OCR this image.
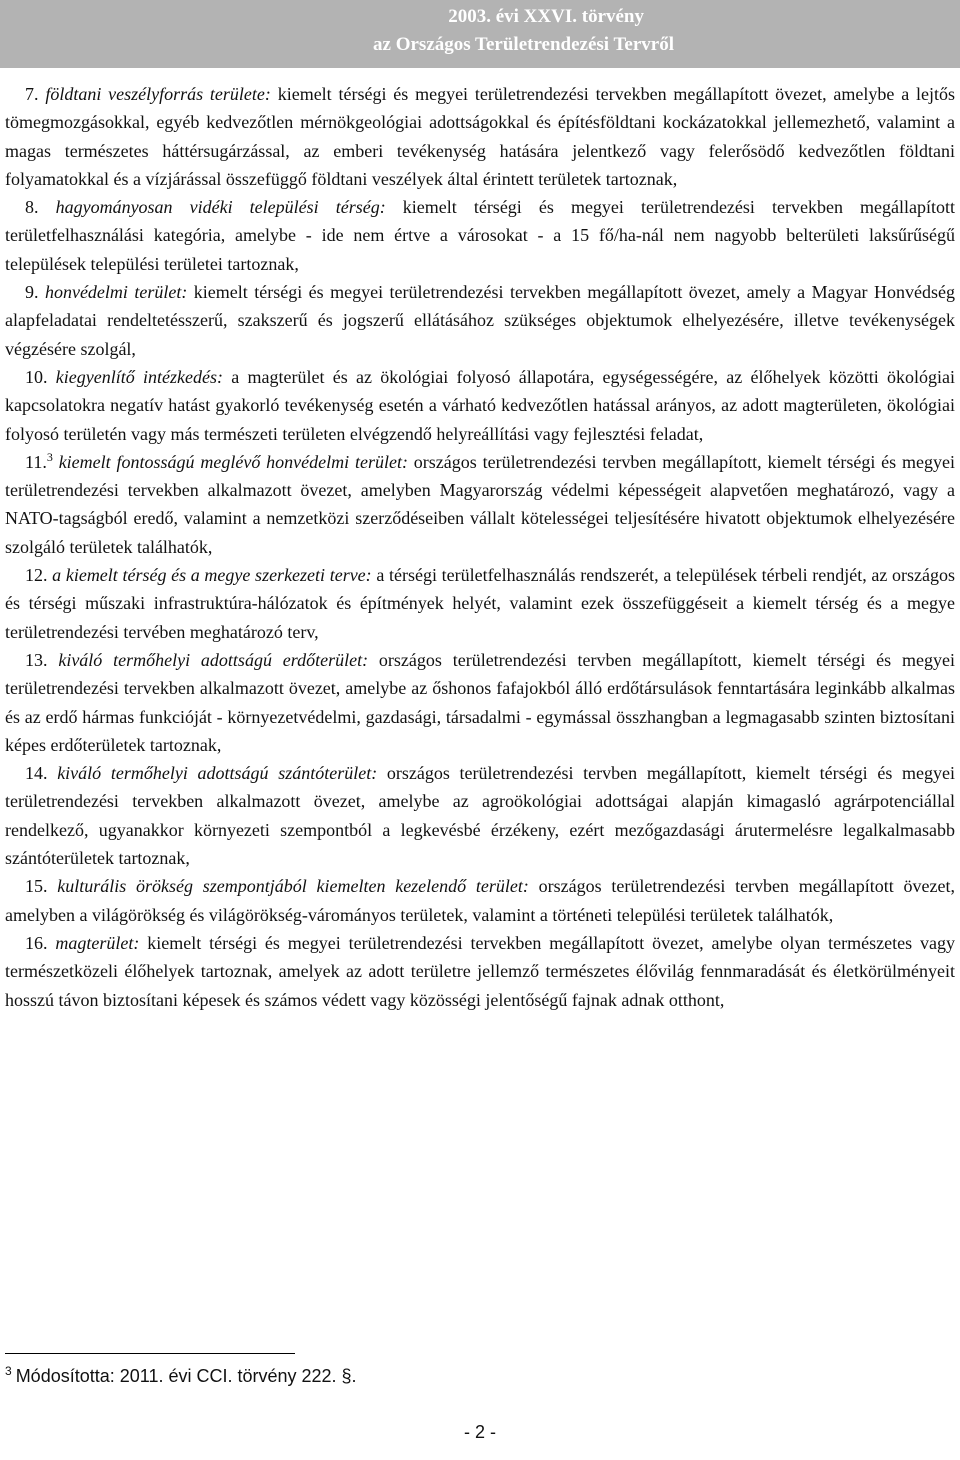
2003. évi XXVI. törvény
az Országos Területrendezési Tervről

7. földtani veszélyforrás területe: kiemelt térségi és megyei területrendezési tervekben megállapított övezet, amelybe a lejtős tömegmozgásokkal, egyéb kedvezőtlen mérnökgeológiai adottságokkal és építésföldtani kockázatokkal jellemezhető, valamint a magas természetes háttérsugárzással, az emberi tevékenység hatására jelentkező vagy felerősödő kedvezőtlen földtani folyamatokkal és a vízjárással összefüggő földtani veszélyek által érintett területek tartoznak,

8. hagyományosan vidéki települési térség: kiemelt térségi és megyei területrendezési tervekben megállapított területfelhasználási kategória, amelybe - ide nem értve a városokat - a 15 fő/ha-nál nem nagyobb belterületi laksűrűségű települések települési területei tartoznak,

9. honvédelmi terület: kiemelt térségi és megyei területrendezési tervekben megállapított övezet, amely a Magyar Honvédség alapfeladatai rendeltetésszerű, szakszerű és jogszerű ellátásához szükséges objektumok elhelyezésére, illetve tevékenységek végzésére szolgál,

10. kiegyenlítő intézkedés: a magterület és az ökológiai folyosó állapotára, egységességére, az élőhelyek közötti ökológiai kapcsolatokra negatív hatást gyakorló tevékenység esetén a várható kedvezőtlen hatással arányos, az adott magterületen, ökológiai folyosó területén vagy más természeti területen elvégzendő helyreállítási vagy fejlesztési feladat,

11.$^3$ kiemelt fontosságú meglévő honvédelmi terület: országos területrendezési tervben megállapított, kiemelt térségi és megyei területrendezési tervekben alkalmazott övezet, amelyben Magyarország védelmi képességeit alapvetően meghatározó, vagy a NATO-tagságból eredő, valamint a nemzetközi szerződéseiben vállalt kötelességei teljesítésére hivatott objektumok elhelyezésére szolgáló területek találhatók,

12. a kiemelt térség és a megye szerkezeti terve: a térségi területfelhasználás rendszerét, a települések térbeli rendjét, az országos és térségi műszaki infrastruktúra-hálózatok és építmények helyét, valamint ezek összefüggéseit a kiemelt térség és a megye területrendezési tervében meghatározó terv,

13. kiváló termőhelyi adottságú erdőterület: országos területrendezési tervben megállapított, kiemelt térségi és megyei területrendezési tervekben alkalmazott övezet, amelybe az őshonos fafajokból álló erdőtársulások fenntartására leginkább alkalmas és az erdő hármas funkcióját - környezetvédelmi, gazdasági, társadalmi - egymással összhangban a legmagasabb szinten biztosítani képes erdőterületek tartoznak,

14. kiváló termőhelyi adottságú szántóterület: országos területrendezési tervben megállapított, kiemelt térségi és megyei területrendezési tervekben alkalmazott övezet, amelybe az agroökológiai adottságai alapján kimagasló agrárpotenciállal rendelkező, ugyanakkor környezeti szempontból a legkevésbé érzékeny, ezért mezőgazdasági árutermelésre legalkalmasabb szántóterületek tartoznak,

15. kulturális örökség szempontjából kiemelten kezelendő terület: országos területrendezési tervben megállapított övezet, amelyben a világörökség és világörökség-várományos területek, valamint a történeti települési területek találhatók,

16. magterület: kiemelt térségi és megyei területrendezési tervekben megállapított övezet, amelybe olyan természetes vagy természetközeli élőhelyek tartoznak, amelyek az adott területre jellemző természetes élővilág fennmaradását és életkörülményeit hosszú távon biztosítani képesek és számos védett vagy közösségi jelentőségű fajnak adnak otthont,

$^3$ Módosította: 2011. évi CCI. törvény 222. §.
- 2 -
